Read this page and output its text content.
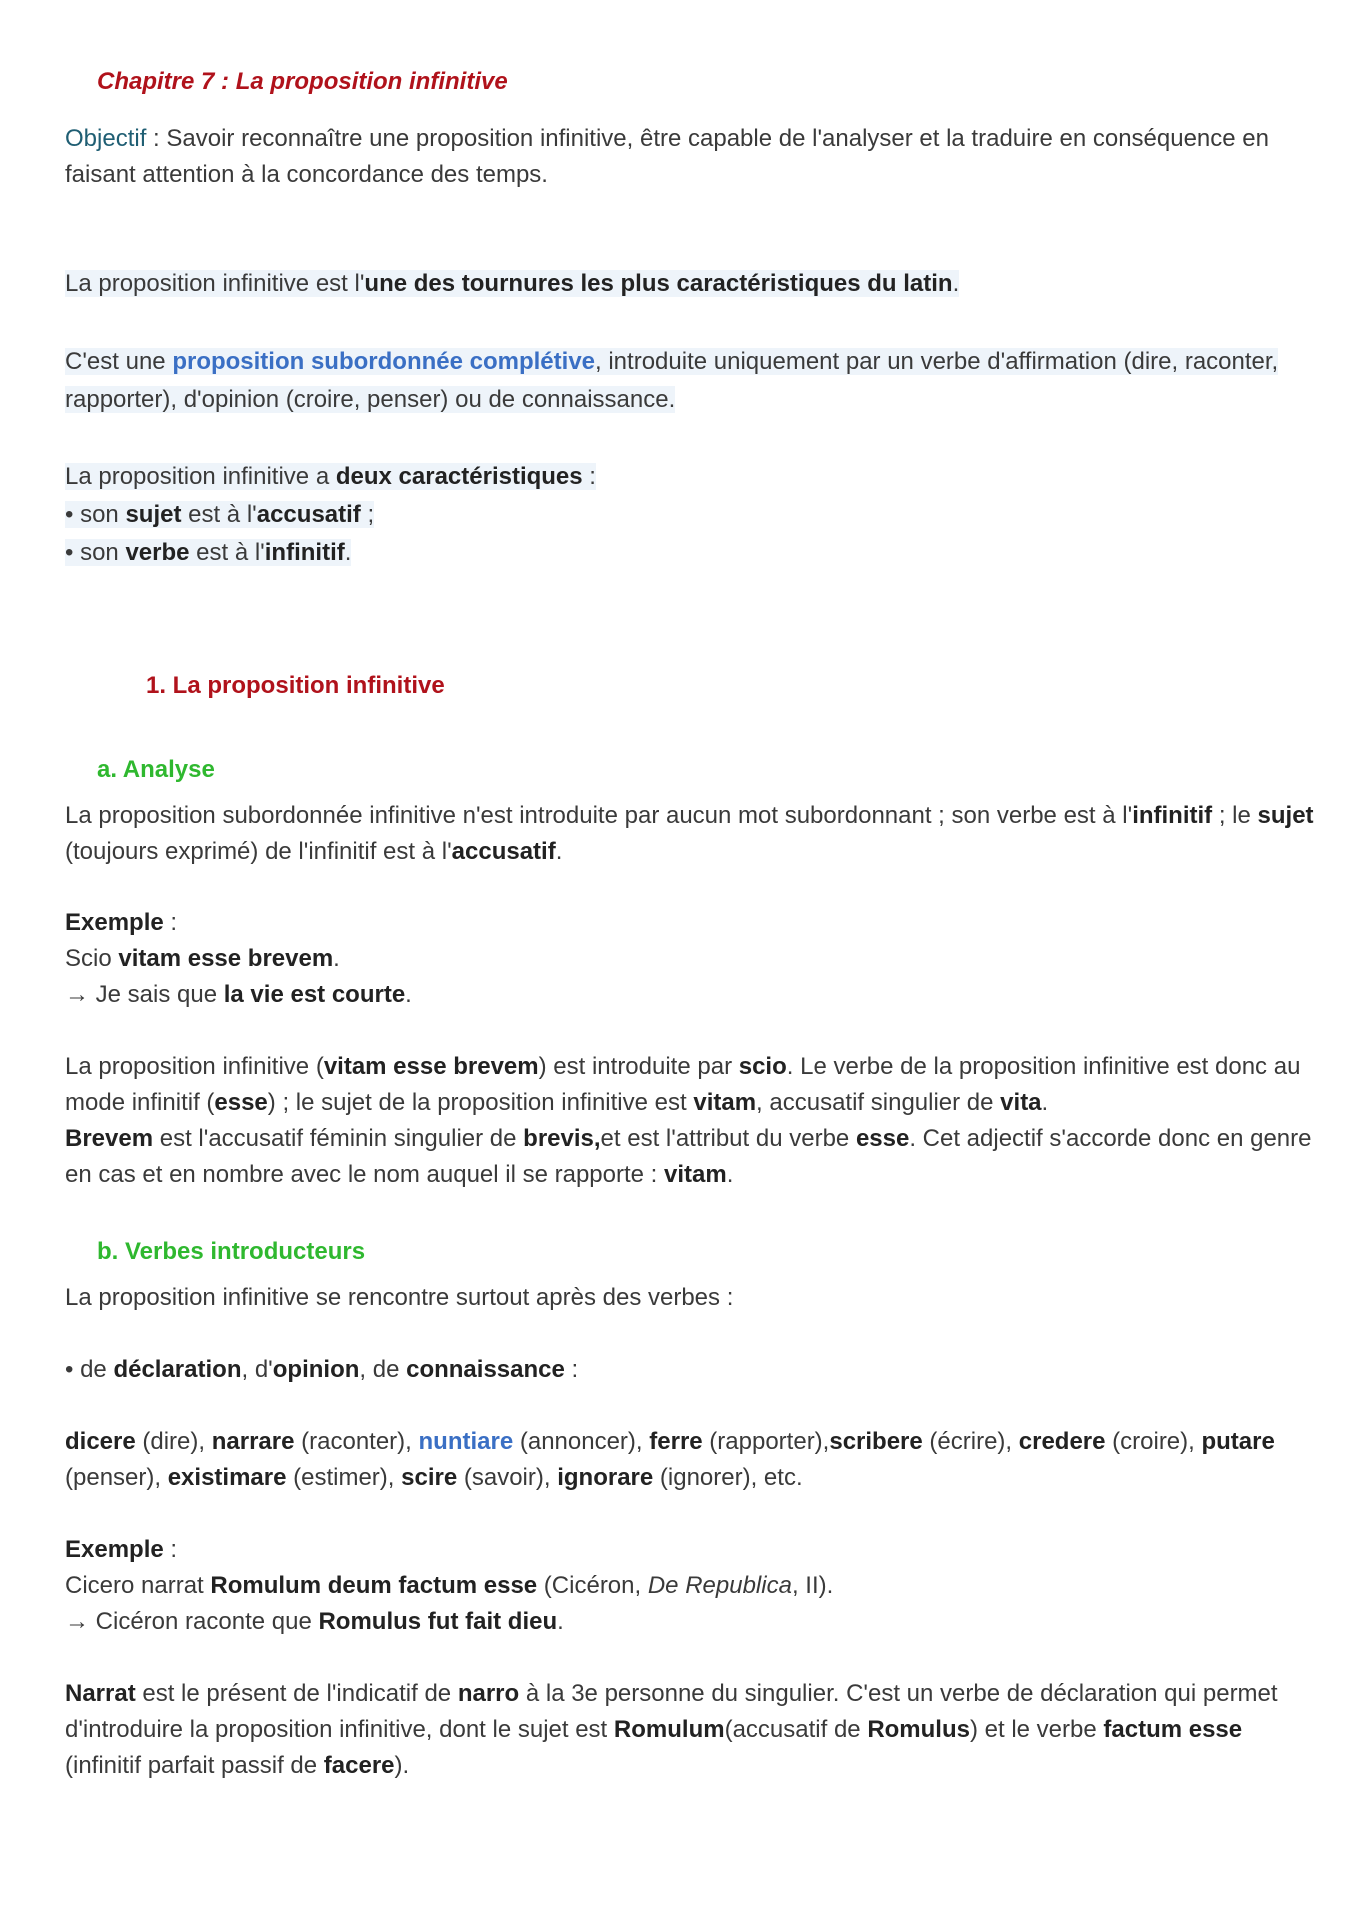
Chapitre 7 : La proposition infinitive
Objectif : Savoir reconnaître une proposition infinitive, être capable de l'analyser et la traduire en conséquence en faisant attention à la concordance des temps.
La proposition infinitive est l'une des tournures les plus caractéristiques du latin.
C'est une proposition subordonnée complétive, introduite uniquement par un verbe d'affirmation (dire, raconter, rapporter), d'opinion (croire, penser) ou de connaissance.
La proposition infinitive a deux caractéristiques :
• son sujet est à l'accusatif ;
• son verbe est à l'infinitif.
1. La proposition infinitive
a. Analyse
La proposition subordonnée infinitive n'est introduite par aucun mot subordonnant ; son verbe est à l'infinitif ; le sujet (toujours exprimé) de l'infinitif est à l'accusatif.
Exemple :
Scio vitam esse brevem.
→ Je sais que la vie est courte.
La proposition infinitive (vitam esse brevem) est introduite par scio. Le verbe de la proposition infinitive est donc au mode infinitif (esse) ; le sujet de la proposition infinitive est vitam, accusatif singulier de vita.
Brevem est l'accusatif féminin singulier de brevis,et est l'attribut du verbe esse. Cet adjectif s'accorde donc en genre en cas et en nombre avec le nom auquel il se rapporte : vitam.
b. Verbes introducteurs
La proposition infinitive se rencontre surtout après des verbes :
• de déclaration, d'opinion, de connaissance :
dicere (dire), narrare (raconter), nuntiare (annoncer), ferre (rapporter),scribere (écrire), credere (croire), putare (penser), existimare (estimer), scire (savoir), ignorare (ignorer), etc.
Exemple :
Cicero narrat Romulum deum factum esse (Cicéron, De Republica, II).
→ Cicéron raconte que Romulus fut fait dieu.
Narrat est le présent de l'indicatif de narro à la 3e personne du singulier. C'est un verbe de déclaration qui permet d'introduire la proposition infinitive, dont le sujet est Romulum(accusatif de Romulus) et le verbe factum esse (infinitif parfait passif de facere).
